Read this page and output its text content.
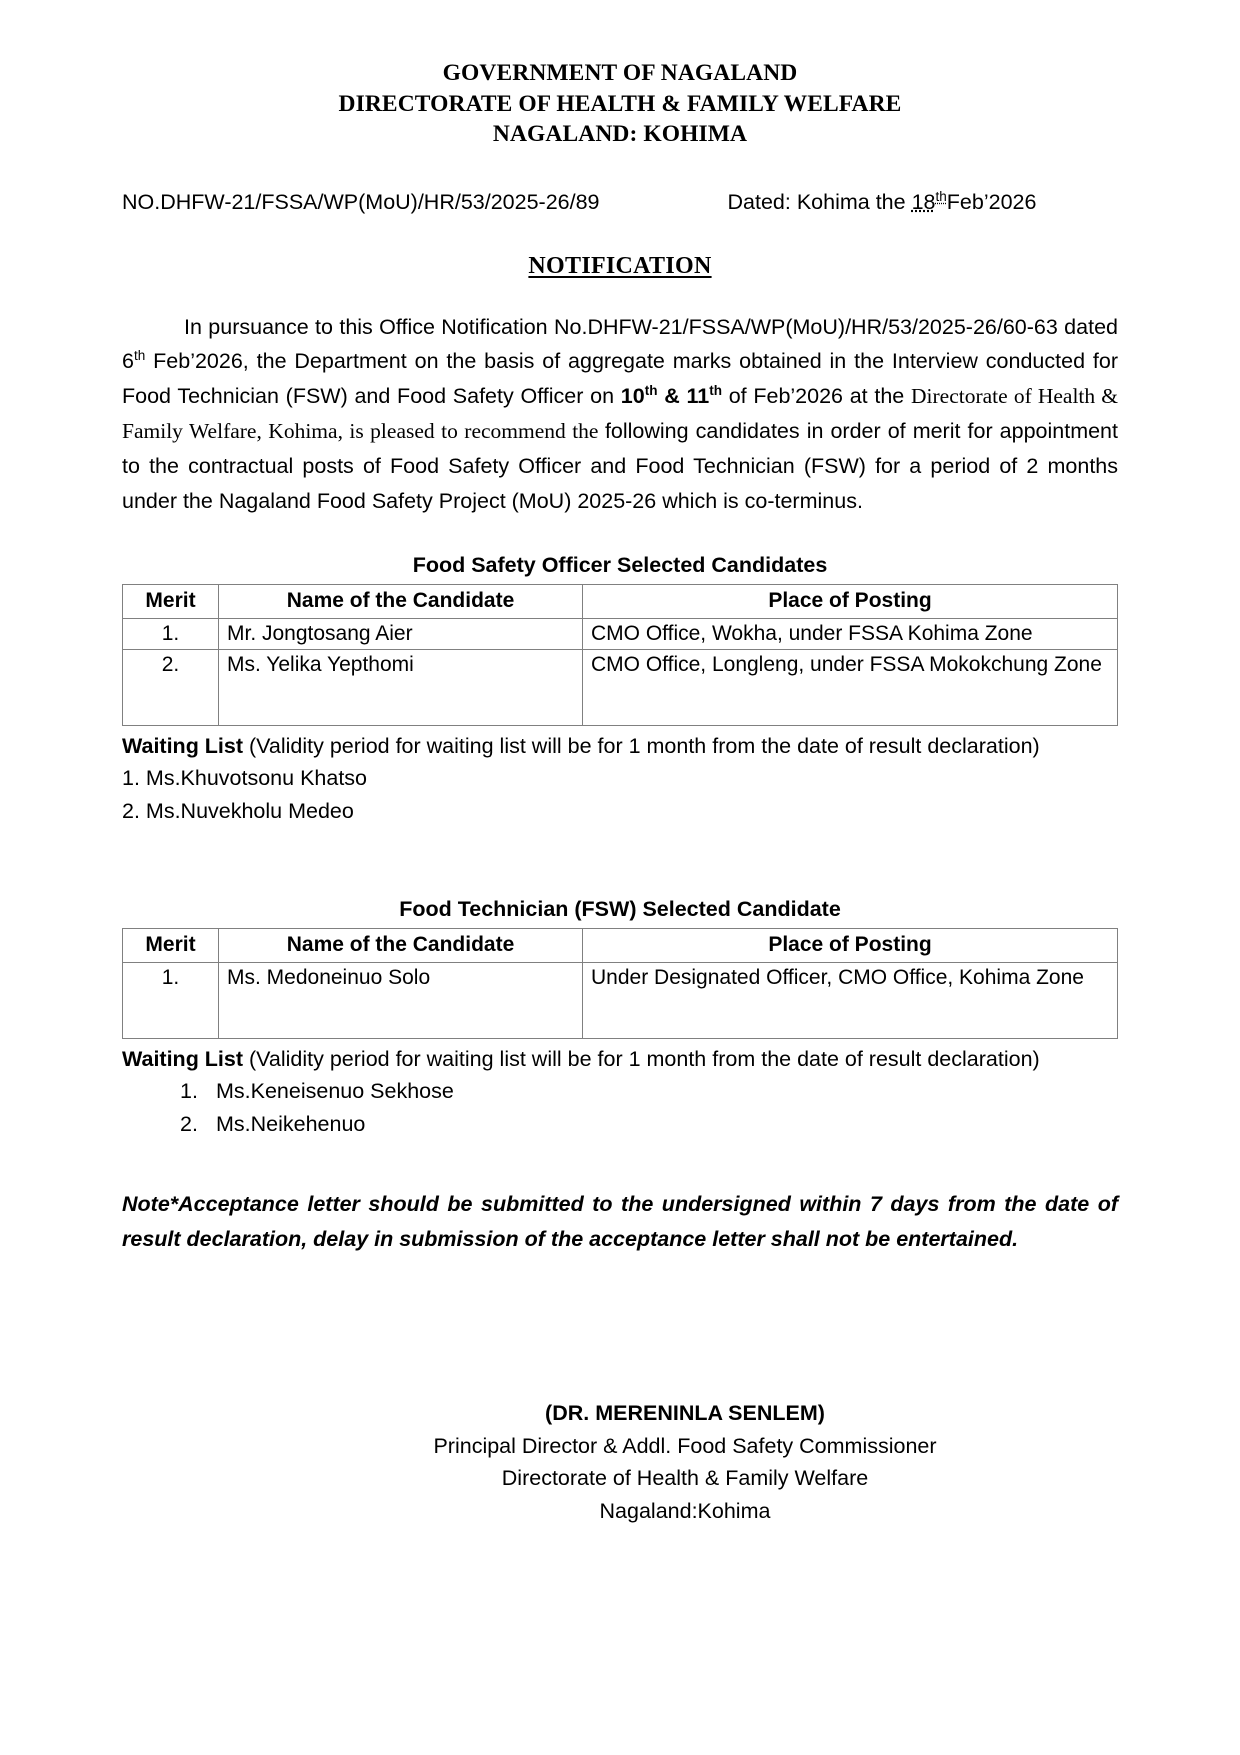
GOVERNMENT OF NAGALAND
DIRECTORATE OF HEALTH & FAMILY WELFARE
NAGALAND: KOHIMA
NO.DHFW-21/FSSA/WP(MoU)/HR/53/2025-26/89	Dated: Kohima the 18thFeb’2026
NOTIFICATION

In pursuance to this Office Notification No.DHFW-21/FSSA/WP(MoU)/HR/53/2025-26/60-63 dated 6th Feb’2026, the Department on the basis of aggregate marks obtained in the Interview conducted for Food Technician (FSW) and Food Safety Officer on 10th & 11th of Feb’2026 at the Directorate of Health & Family Welfare, Kohima, is pleased to recommend the following candidates in order of merit for appointment to the contractual posts of Food Safety Officer and Food Technician (FSW) for a period of 2 months under the Nagaland Food Safety Project (MoU) 2025-26 which is co-terminus.

Food Safety Officer Selected Candidates
Merit	Name of the Candidate	Place of Posting
1.	Mr. Jongtosang Aier	CMO Office, Wokha, under FSSA Kohima Zone
2.	Ms. Yelika Yepthomi	CMO Office, Longleng, under FSSA Mokokchung Zone
Waiting List (Validity period for waiting list will be for 1 month from the date of result declaration)
1. Ms.Khuvotsonu Khatso
2. Ms.Nuvekholu Medeo
Food Technician (FSW) Selected Candidate
Merit	Name of the Candidate	Place of Posting
1.	Ms. Medoneinuo Solo	Under Designated Officer, CMO Office, Kohima Zone
Waiting List (Validity period for waiting list will be for 1 month from the date of result declaration)
1. Ms.Keneisenuo Sekhose
2. Ms.Neikehenuo

Note*Acceptance letter should be submitted to the undersigned within 7 days from the date of result declaration, delay in submission of the acceptance letter shall not be entertained.

(DR. MERENINLA SENLEM)
Principal Director & Addl. Food Safety Commissioner
Directorate of Health & Family Welfare
Nagaland:Kohima
